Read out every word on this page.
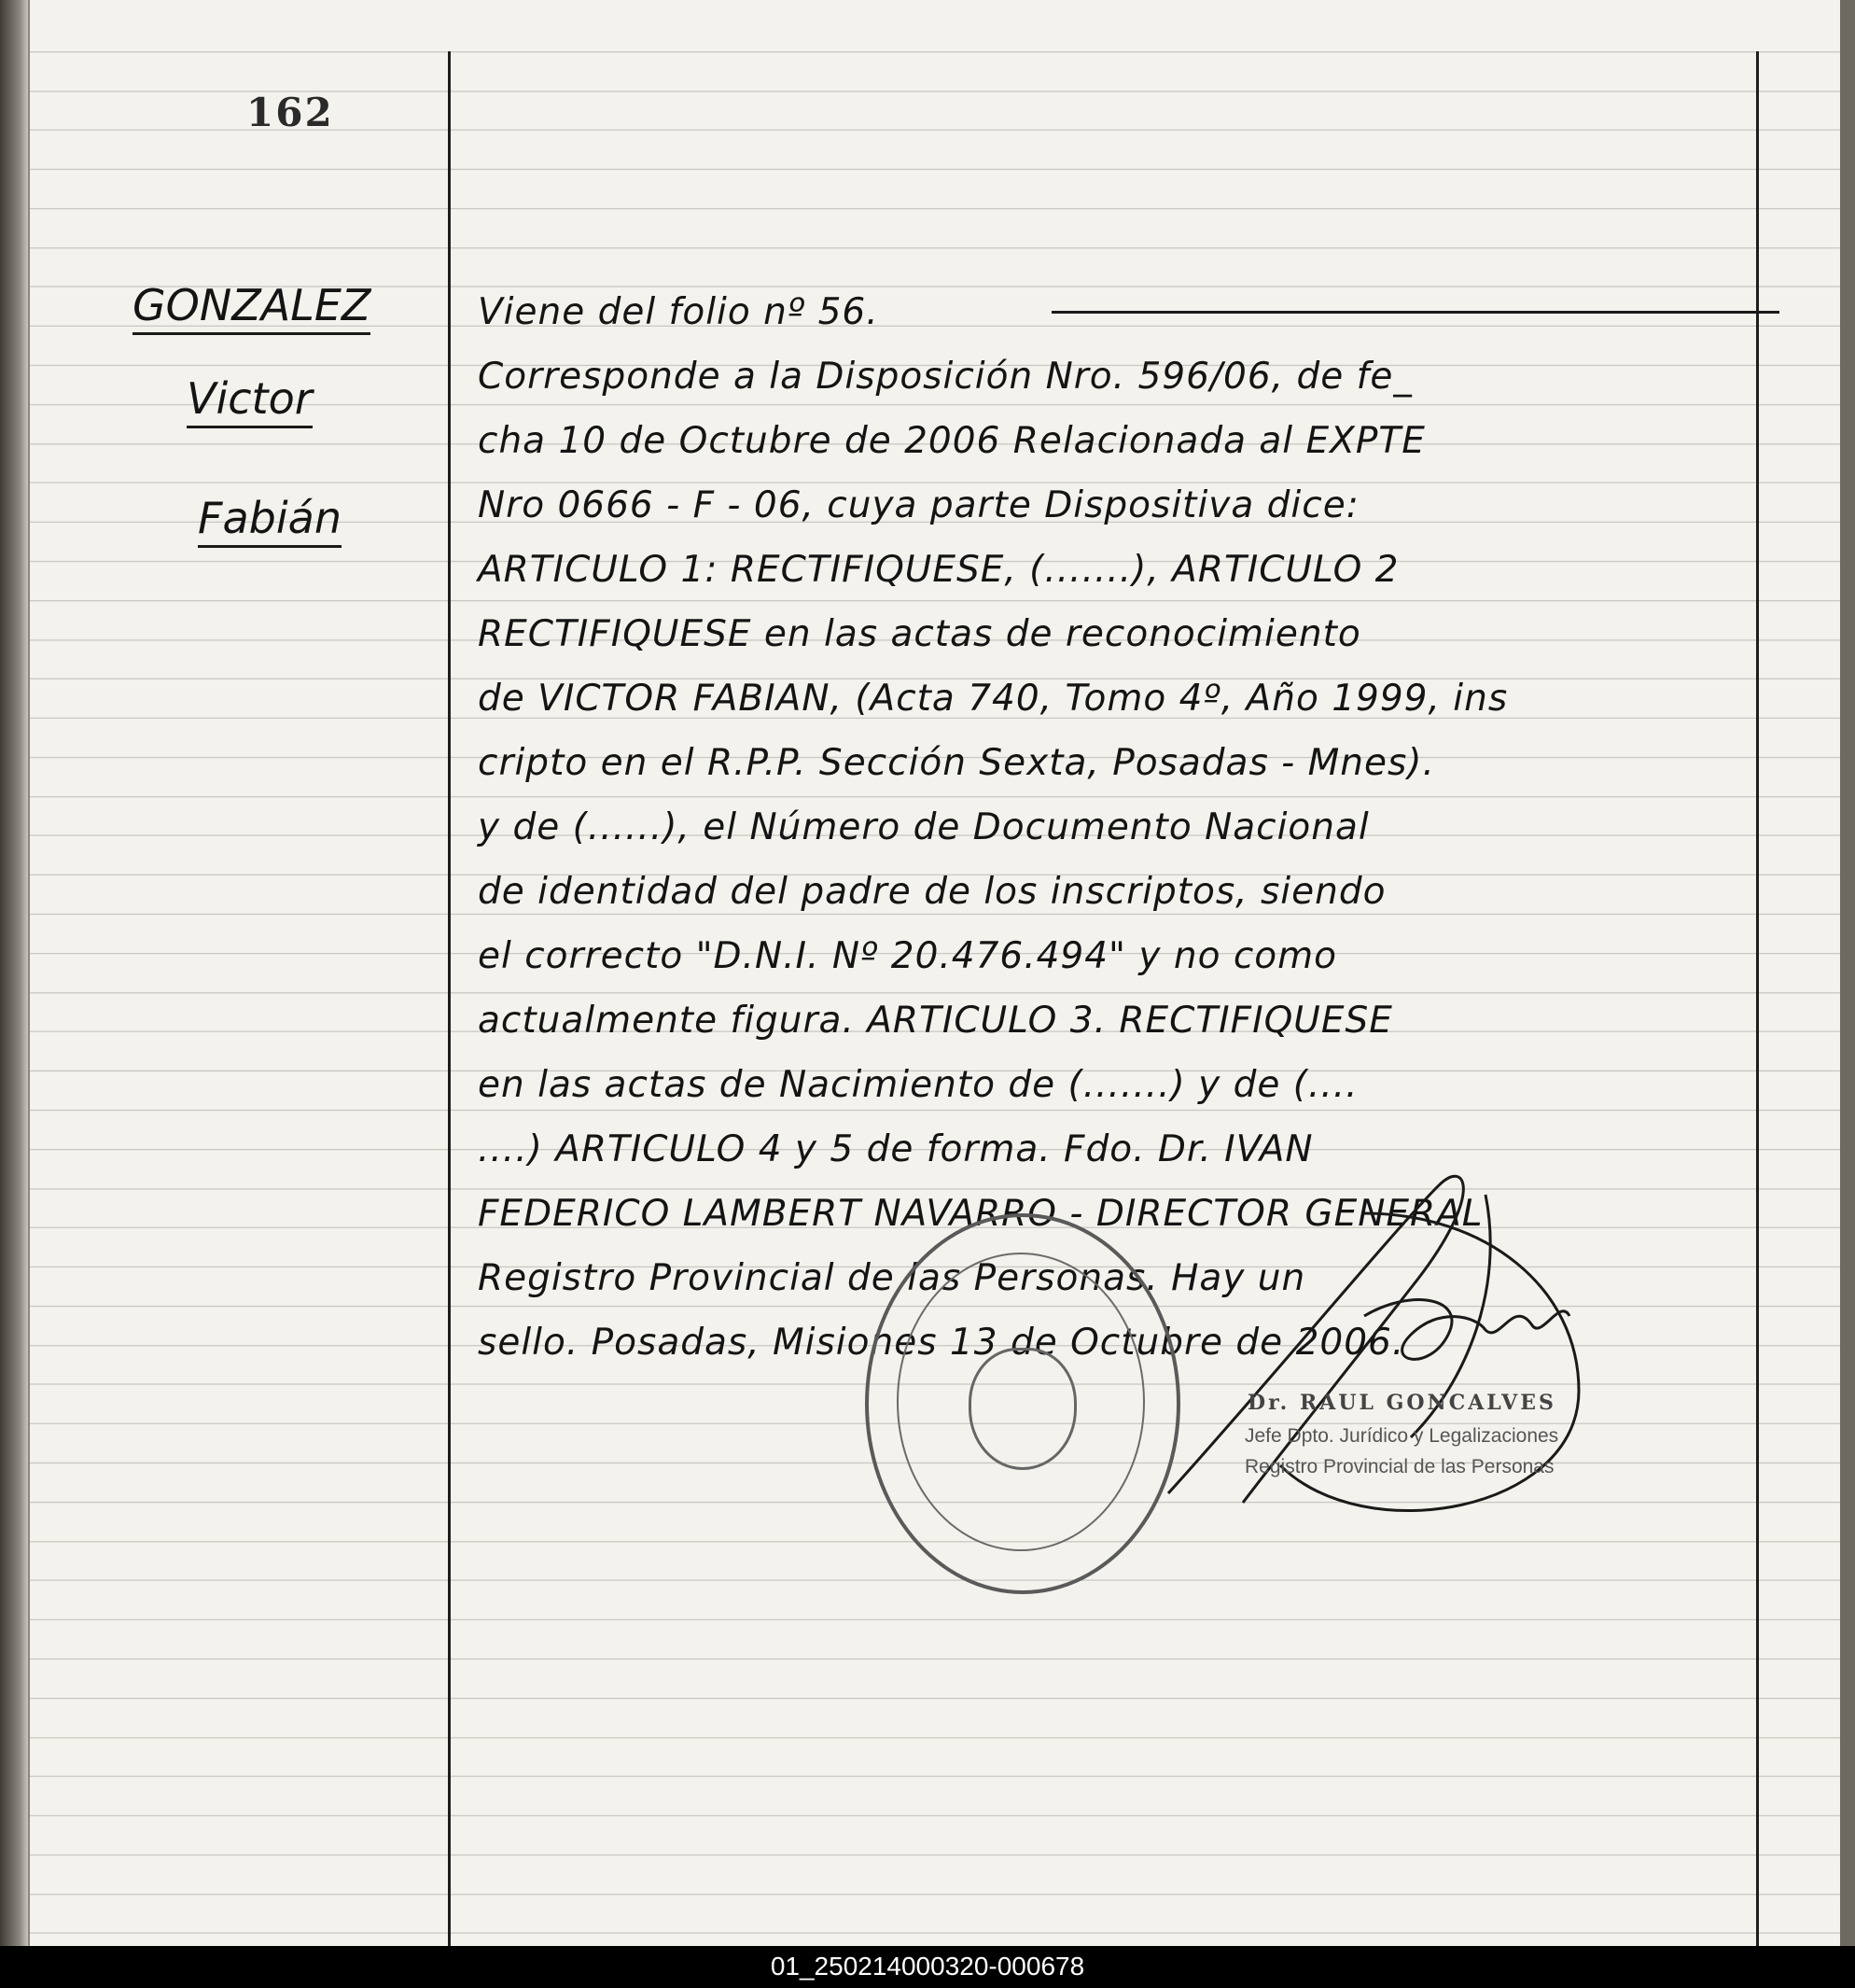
162
GONZALEZ
Victor
Fabián
Viene del folio nº 56.
Corresponde a la Disposición Nro. 596/06, de fe_
cha 10 de Octubre de 2006 Relacionada al EXPTE
Nro 0666 - F - 06, cuya parte Dispositiva dice:
ARTICULO 1: RECTIFIQUESE, (.......), ARTICULO 2
RECTIFIQUESE en las actas de reconocimiento
de VICTOR FABIAN, (Acta 740, Tomo 4º, Año 1999, ins
cripto en el R.P.P. Sección Sexta, Posadas - Mnes).
y de (......), el Número de Documento Nacional
de identidad del padre de los inscriptos, siendo
el correcto "D.N.I. Nº 20.476.494" y no como
actualmente figura. ARTICULO 3. RECTIFIQUESE
en las actas de Nacimiento de (.......) y de (....
....) ARTICULO 4 y 5 de forma. Fdo. Dr. IVAN
FEDERICO LAMBERT NAVARRO - DIRECTOR GENERAL
Registro Provincial de las Personas. Hay un
sello. Posadas, Misiones 13 de Octubre de 2006.
Dr. RAUL GONCALVES
Jefe Dpto. Jurídico y Legalizaciones
Registro Provincial de las Personas
01_250214000320-000678
